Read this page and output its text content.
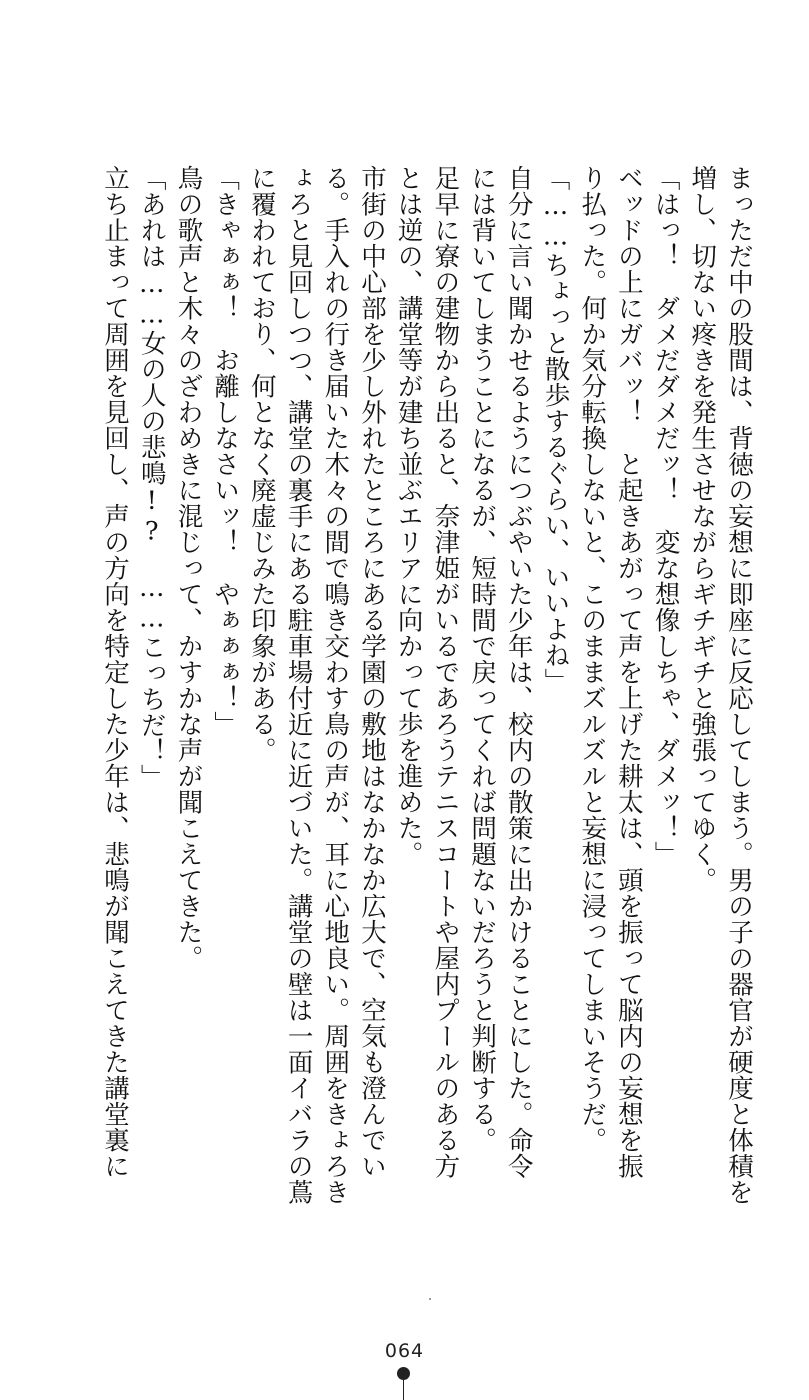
まっただ中の股間は、背徳の妄想に即座に反応してしまう。男の子の器官が硬度と体積を
増し、切ない疼きを発生させながらギチギチと強張ってゆく。
「はっ！　ダメだダメだッ！　変な想像しちゃ、ダメッ！」
ベッドの上にガバッ！　と起きあがって声を上げた耕太は、頭を振って脳内の妄想を振
り払った。何か気分転換しないと、このままズルズルと妄想に浸ってしまいそうだ。
「……ちょっと散歩するぐらい、いいよね」
自分に言い聞かせるようにつぶやいた少年は、校内の散策に出かけることにした。命令
には背いてしまうことになるが、短時間で戻ってくれば問題ないだろうと判断する。
足早に寮の建物から出ると、奈津姫がいるであろうテニスコートや屋内プールのある方
とは逆の、講堂等が建ち並ぶエリアに向かって歩を進めた。
市街の中心部を少し外れたところにある学園の敷地はなかなか広大で、空気も澄んでい
る。手入れの行き届いた木々の間で鳴き交わす鳥の声が、耳に心地良い。周囲をきょろき
ょろと見回しつつ、講堂の裏手にある駐車場付近に近づいた。講堂の壁は一面イバラの蔦
に覆われており、何となく廃虚じみた印象がある。
「きゃぁぁ！　お離しなさいッ！　やぁぁぁ！」
鳥の歌声と木々のざわめきに混じって、かすかな声が聞こえてきた。
「あれは……女の人の悲鳴!?　……こっちだ！」
立ち止まって周囲を見回し、声の方向を特定した少年は、悲鳴が聞こえてきた講堂裏に
064
